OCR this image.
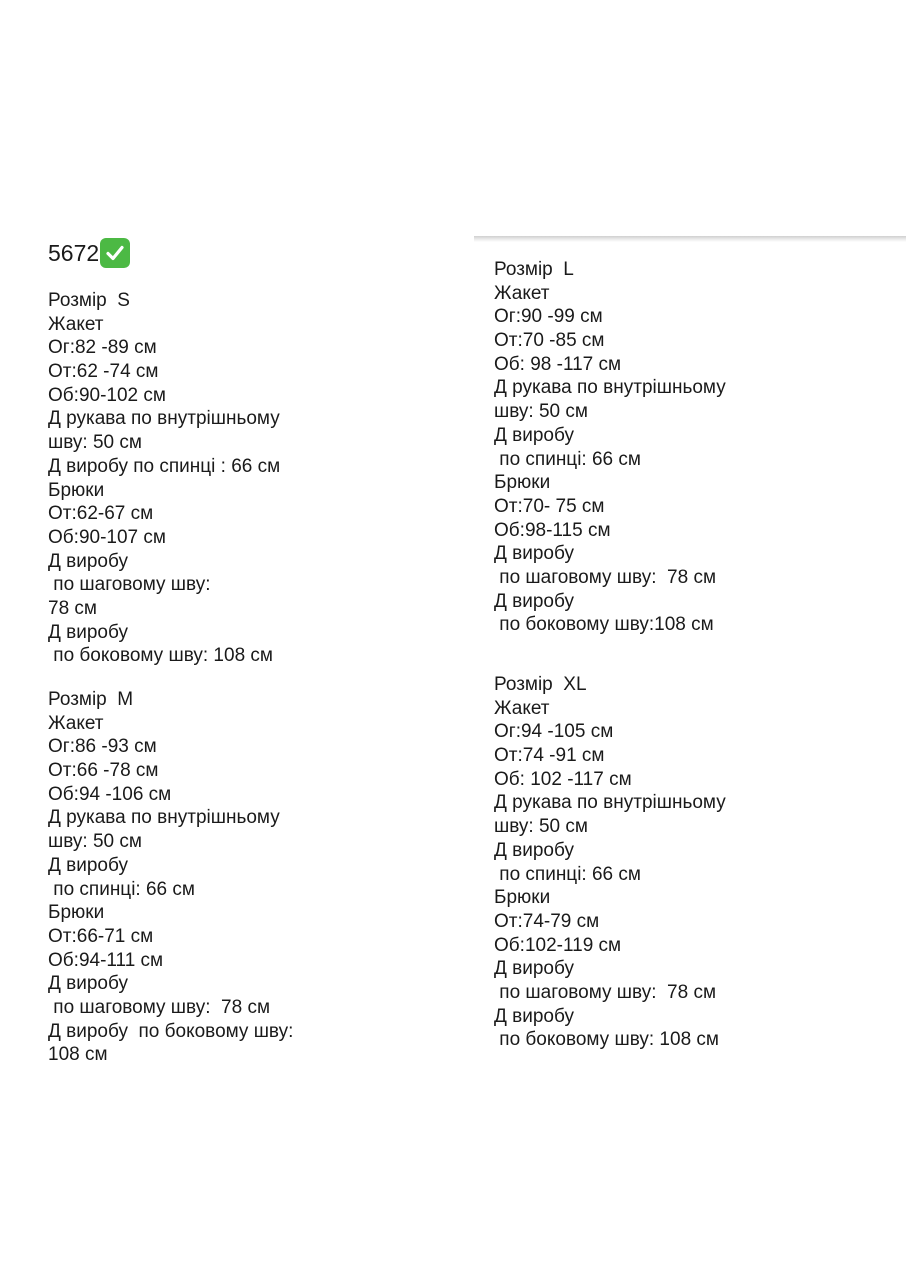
5672
Розмір  S
Жакет
Ог:82 -89 см
От:62 -74 см
Об:90-102 см
Д рукава по внутрішньому
шву: 50 см
Д виробу по спинці : 66 см
Брюки
От:62-67 см
Об:90-107 см
Д виробу
по шаговому шву:
78 см
Д виробу
по боковому шву: 108 см
Розмір  M
Жакет
Ог:86 -93 см
От:66 -78 см
Об:94 -106 см
Д рукава по внутрішньому
шву: 50 см
Д виробу
по спинці: 66 см
Брюки
От:66-71 см
Об:94-111 см
Д виробу
по шаговому шву:  78 см
Д виробу  по боковому шву:
108 см
Розмір  L
Жакет
Ог:90 -99 см
От:70 -85 см
Об: 98 -117 см
Д рукава по внутрішньому
шву: 50 см
Д виробу
по спинці: 66 см
Брюки
От:70- 75 см
Об:98-115 см
Д виробу
по шаговому шву:  78 см
Д виробу
по боковому шву:108 см
Розмір  XL
Жакет
Ог:94 -105 см
От:74 -91 см
Об: 102 -117 см
Д рукава по внутрішньому
шву: 50 см
Д виробу
по спинці: 66 см
Брюки
От:74-79 см
Об:102-119 см
Д виробу
по шаговому шву:  78 см
Д виробу
по боковому шву: 108 см
